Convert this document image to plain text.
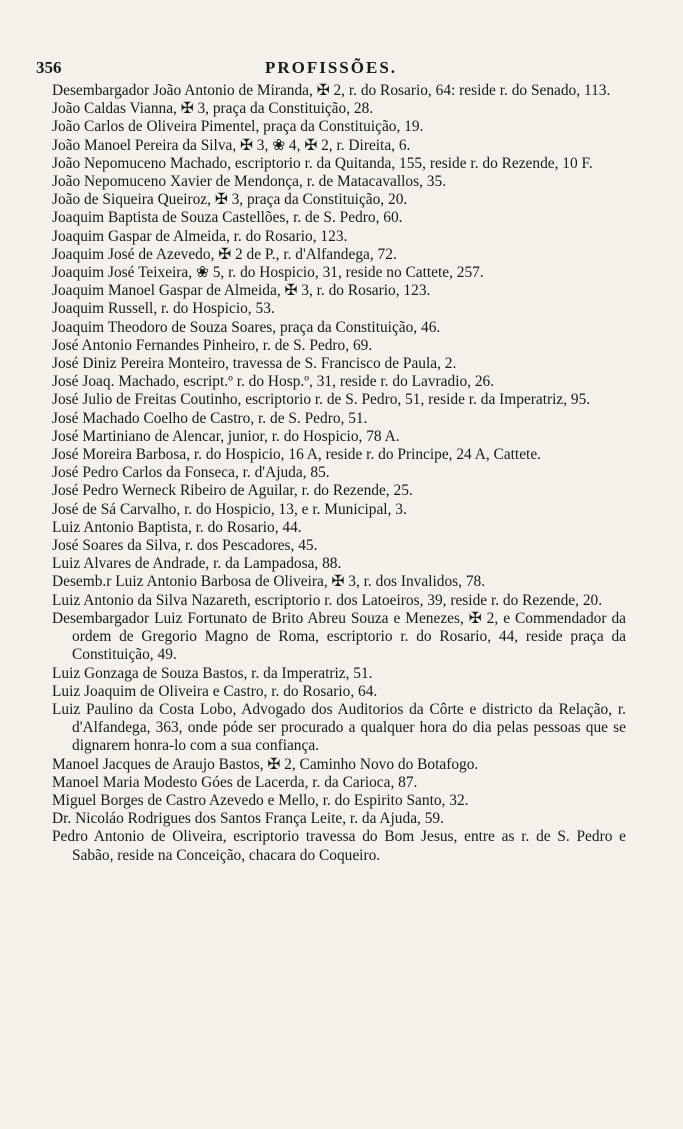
356	PROFISSÕES.
Desembargador João Antonio de Miranda, ✠ 2, r. do Rosario, 64: reside r. do Senado, 113.
João Caldas Vianna, ✠ 3, praça da Constituição, 28.
João Carlos de Oliveira Pimentel, praça da Constituição, 19.
João Manoel Pereira da Silva, ✠ 3, ❀ 4, ✠ 2, r. Direita, 6.
João Nepomuceno Machado, escriptorio r. da Quitanda, 155, reside r. do Rezende, 10 F.
João Nepomuceno Xavier de Mendonça, r. de Matacavallos, 35.
João de Siqueira Queiroz, ✠ 3, praça da Constituição, 20.
Joaquim Baptista de Souza Castellões, r. de S. Pedro, 60.
Joaquim Gaspar de Almeida, r. do Rosario, 123.
Joaquim José de Azevedo, ✠ 2 de P., r. d'Alfandega, 72.
Joaquim José Teixeira, ❀ 5, r. do Hospicio, 31, reside no Cattete, 257.
Joaquim Manoel Gaspar de Almeida, ✠ 3, r. do Rosario, 123.
Joaquim Russell, r. do Hospicio, 53.
Joaquim Theodoro de Souza Soares, praça da Constituição, 46.
José Antonio Fernandes Pinheiro, r. de S. Pedro, 69.
José Diniz Pereira Monteiro, travessa de S. Francisco de Paula, 2.
José Joaq. Machado, escript.º r. do Hosp.º, 31, reside r. do Lavradio, 26.
José Julio de Freitas Coutinho, escriptorio r. de S. Pedro, 51, reside r. da Imperatriz, 95.
José Machado Coelho de Castro, r. de S. Pedro, 51.
José Martiniano de Alencar, junior, r. do Hospicio, 78 A.
José Moreira Barbosa, r. do Hospicio, 16 A, reside r. do Principe, 24 A, Cattete.
José Pedro Carlos da Fonseca, r. d'Ajuda, 85.
José Pedro Werneck Ribeiro de Aguilar, r. do Rezende, 25.
José de Sá Carvalho, r. do Hospicio, 13, e r. Municipal, 3.
Luiz Antonio Baptista, r. do Rosario, 44.
José Soares da Silva, r. dos Pescadores, 45.
Luiz Alvares de Andrade, r. da Lampadosa, 88.
Desemb.r Luiz Antonio Barbosa de Oliveira, ✠ 3, r. dos Invalidos, 78.
Luiz Antonio da Silva Nazareth, escriptorio r. dos Latoeiros, 39, reside r. do Rezende, 20.
Desembargador Luiz Fortunato de Brito Abreu Souza e Menezes, ✠ 2, e Commendador da ordem de Gregorio Magno de Roma, escriptorio r. do Rosario, 44, reside praça da Constituição, 49.
Luiz Gonzaga de Souza Bastos, r. da Imperatriz, 51.
Luiz Joaquim de Oliveira e Castro, r. do Rosario, 64.
Luiz Paulino da Costa Lobo, Advogado dos Auditorios da Côrte e districto da Relação, r. d'Alfandega, 363, onde póde ser procurado a qualquer hora do dia pelas pessoas que se dignarem honra-lo com a sua confiança.
Manoel Jacques de Araujo Bastos, ✠ 2, Caminho Novo do Botafogo.
Manoel Maria Modesto Góes de Lacerda, r. da Carioca, 87.
Miguel Borges de Castro Azevedo e Mello, r. do Espirito Santo, 32.
Dr. Nicoláo Rodrigues dos Santos França Leite, r. da Ajuda, 59.
Pedro Antonio de Oliveira, escriptorio travessa do Bom Jesus, entre as r. de S. Pedro e Sabão, reside na Conceição, chacara do Coqueiro.
